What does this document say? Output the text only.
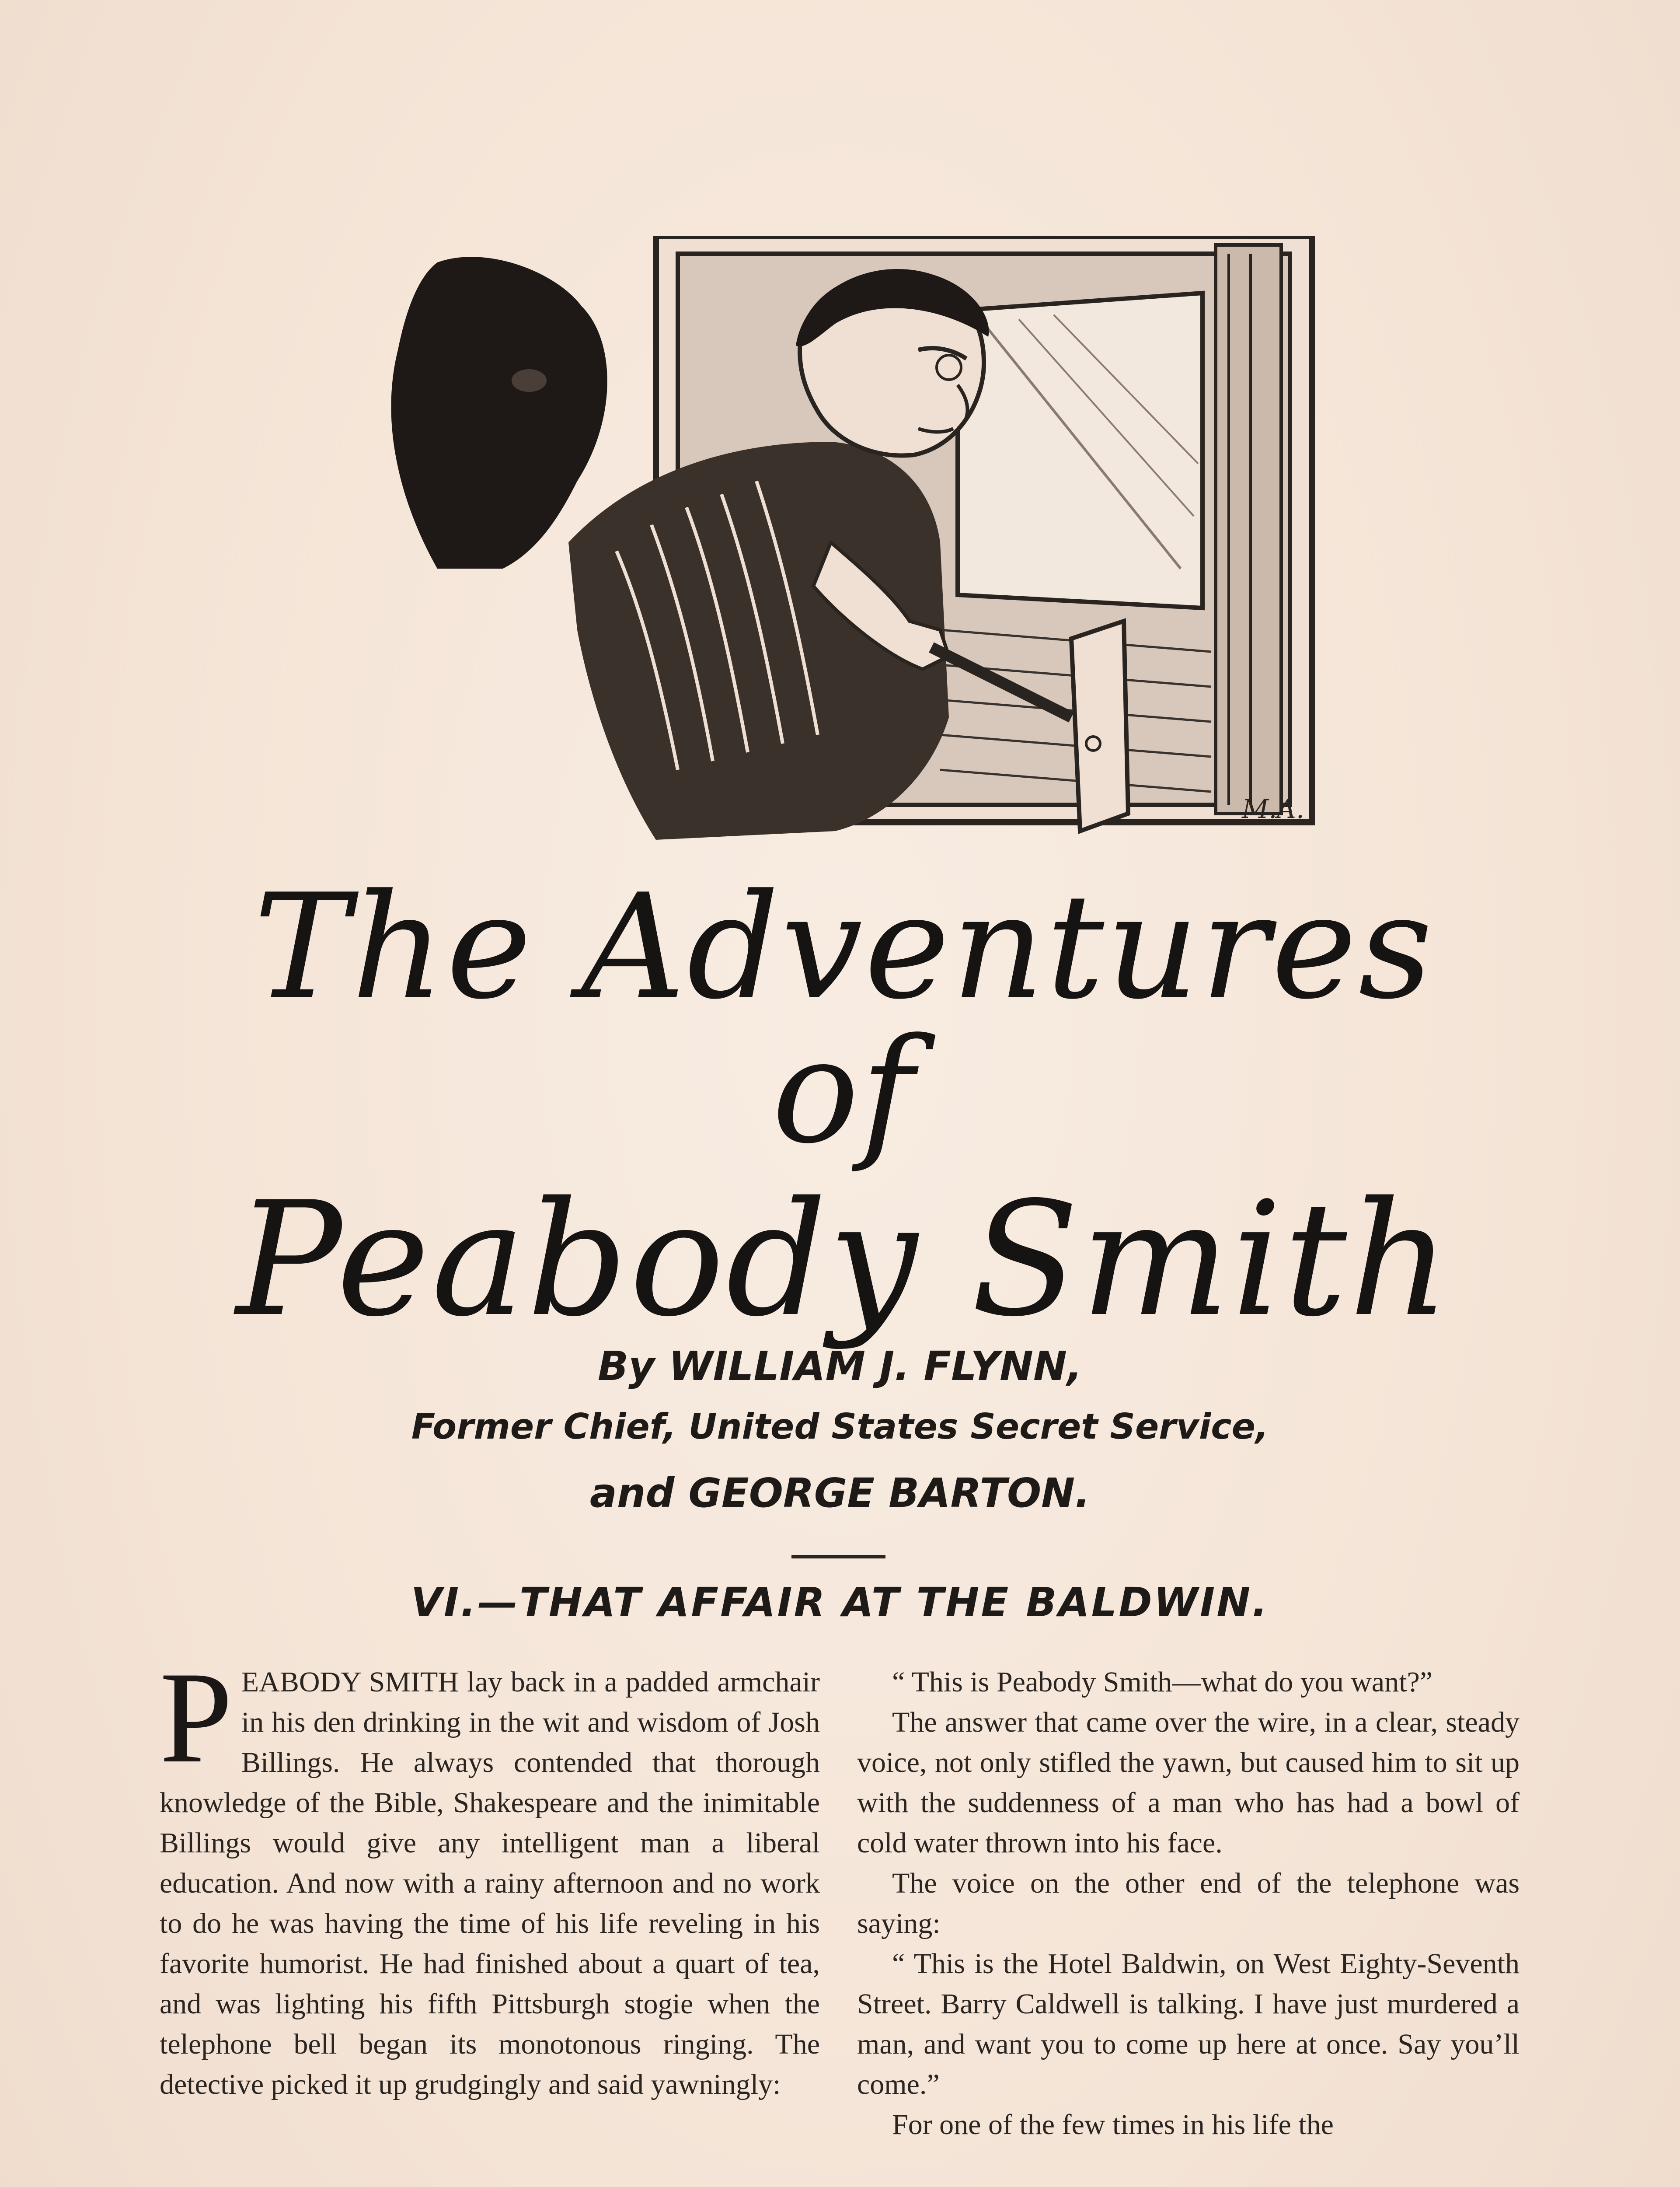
M.A.
The Adventures of
Peabody Smith
By WILLIAM J. FLYNN,
Former Chief, United States Secret Service,
and GEORGE BARTON.
VI.—THAT AFFAIR AT THE BALDWIN.

PEABODY SMITH lay back in a padded armchair in his den drinking in the wit and wisdom of Josh Billings. He always contended that thorough knowledge of the Bible, Shakespeare and the inimitable Billings would give any intelligent man a liberal education. And now with a rainy afternoon and no work to do he was having the time of his life reveling in his favorite humorist. He had finished about a quart of tea, and was lighting his fifth Pittsburgh stogie when the telephone bell began its monotonous ringing. The detective picked it up grudgingly and said yawningly:

“ This is Peabody Smith—what do you want?”

The answer that came over the wire, in a clear, steady voice, not only stifled the yawn, but caused him to sit up with the suddenness of a man who has had a bowl of cold water thrown into his face.

The voice on the other end of the telephone was saying:

“ This is the Hotel Baldwin, on West Eighty-Seventh Street. Barry Caldwell is talking. I have just murdered a man, and want you to come up here at once. Say you’ll come.”

For one of the few times in his life the
